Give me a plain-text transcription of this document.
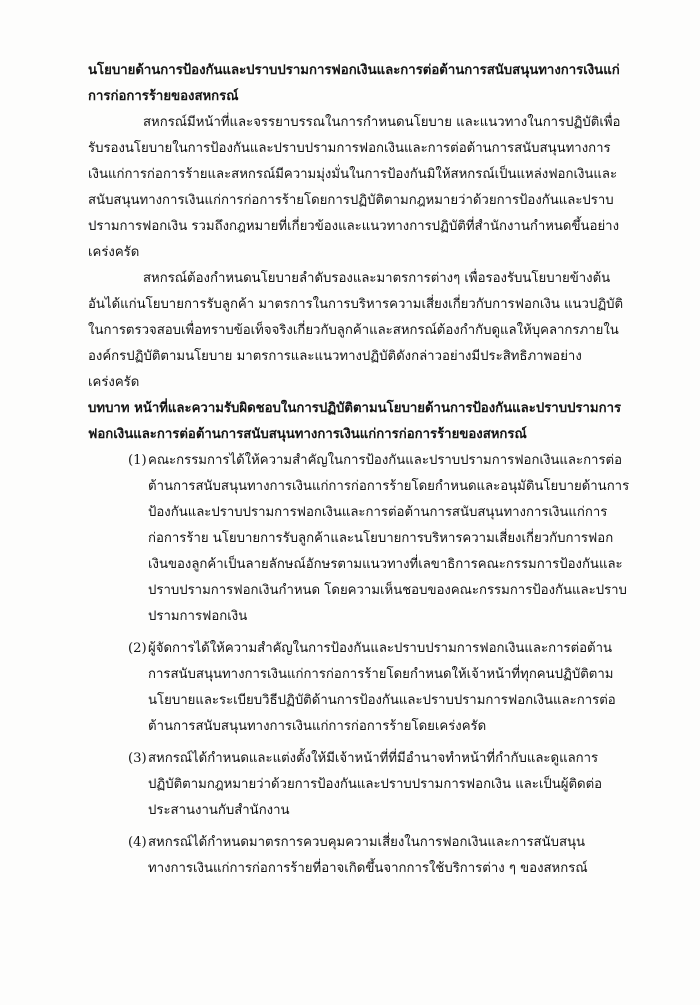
นโยบายด้านการป้องกันและปราบปรามการฟอกเงินและการต่อต้านการสนับสนุนทางการเงินแก่การก่อการร้ายของสหกรณ์

สหกรณ์มีหน้าที่และจรรยาบรรณในการกำหนดนโยบาย และแนวทางในการปฏิบัติเพื่อรับรองนโยบายในการป้องกันและปราบปรามการฟอกเงินและการต่อต้านการสนับสนุนทางการเงินแก่การก่อการร้ายและสหกรณ์มีความมุ่งมั่นในการป้องกันมิให้สหกรณ์เป็นแหล่งฟอกเงินและสนับสนุนทางการเงินแก่การก่อการร้ายโดยการปฏิบัติตามกฎหมายว่าด้วยการป้องกันและปราบปรามการฟอกเงิน รวมถึงกฎหมายที่เกี่ยวข้องและแนวทางการปฏิบัติที่สำนักงานกำหนดขึ้นอย่างเคร่งครัด

สหกรณ์ต้องกำหนดนโยบายลำดับรองและมาตรการต่างๆ เพื่อรองรับนโยบายข้างต้น อันได้แก่นโยบายการรับลูกค้า มาตรการในการบริหารความเสี่ยงเกี่ยวกับการฟอกเงิน แนวปฏิบัติในการตรวจสอบเพื่อทราบข้อเท็จจริงเกี่ยวกับลูกค้าและสหกรณ์ต้องกำกับดูแลให้บุคลากรภายในองค์กรปฏิบัติตามนโยบาย มาตรการและแนวทางปฏิบัติดังกล่าวอย่างมีประสิทธิภาพอย่างเคร่งครัด

บทบาท หน้าที่และความรับผิดชอบในการปฏิบัติตามนโยบายด้านการป้องกันและปราบปรามการฟอกเงินและการต่อต้านการสนับสนุนทางการเงินแก่การก่อการร้ายของสหกรณ์

(1) คณะกรรมการได้ให้ความสำคัญในการป้องกันและปราบปรามการฟอกเงินและการต่อต้านการสนับสนุนทางการเงินแก่การก่อการร้ายโดยกำหนดและอนุมัตินโยบายด้านการป้องกันและปราบปรามการฟอกเงินและการต่อต้านการสนับสนุนทางการเงินแก่การก่อการร้าย นโยบายการรับลูกค้าและนโยบายการบริหารความเสี่ยงเกี่ยวกับการฟอกเงินของลูกค้าเป็นลายลักษณ์อักษรตามแนวทางที่เลขาธิการคณะกรรมการป้องกันและปราบปรามการฟอกเงินกำหนด โดยความเห็นชอบของคณะกรรมการป้องกันและปราบปรามการฟอกเงิน
(2) ผู้จัดการได้ให้ความสำคัญในการป้องกันและปราบปรามการฟอกเงินและการต่อต้านการสนับสนุนทางการเงินแก่การก่อการร้ายโดยกำหนดให้เจ้าหน้าที่ทุกคนปฏิบัติตามนโยบายและระเบียบวิธีปฏิบัติด้านการป้องกันและปราบปรามการฟอกเงินและการต่อต้านการสนับสนุนทางการเงินแก่การก่อการร้ายโดยเคร่งครัด
(3) สหกรณ์ได้กำหนดและแต่งตั้งให้มีเจ้าหน้าที่ที่มีอำนาจทำหน้าที่กำกับและดูแลการปฏิบัติตามกฎหมายว่าด้วยการป้องกันและปราบปรามการฟอกเงิน และเป็นผู้ติดต่อประสานงานกับสำนักงาน
(4) สหกรณ์ได้กำหนดมาตรการควบคุมความเสี่ยงในการฟอกเงินและการสนับสนุนทางการเงินแก่การก่อการร้ายที่อาจเกิดขึ้นจากการใช้บริการต่าง ๆ ของสหกรณ์
